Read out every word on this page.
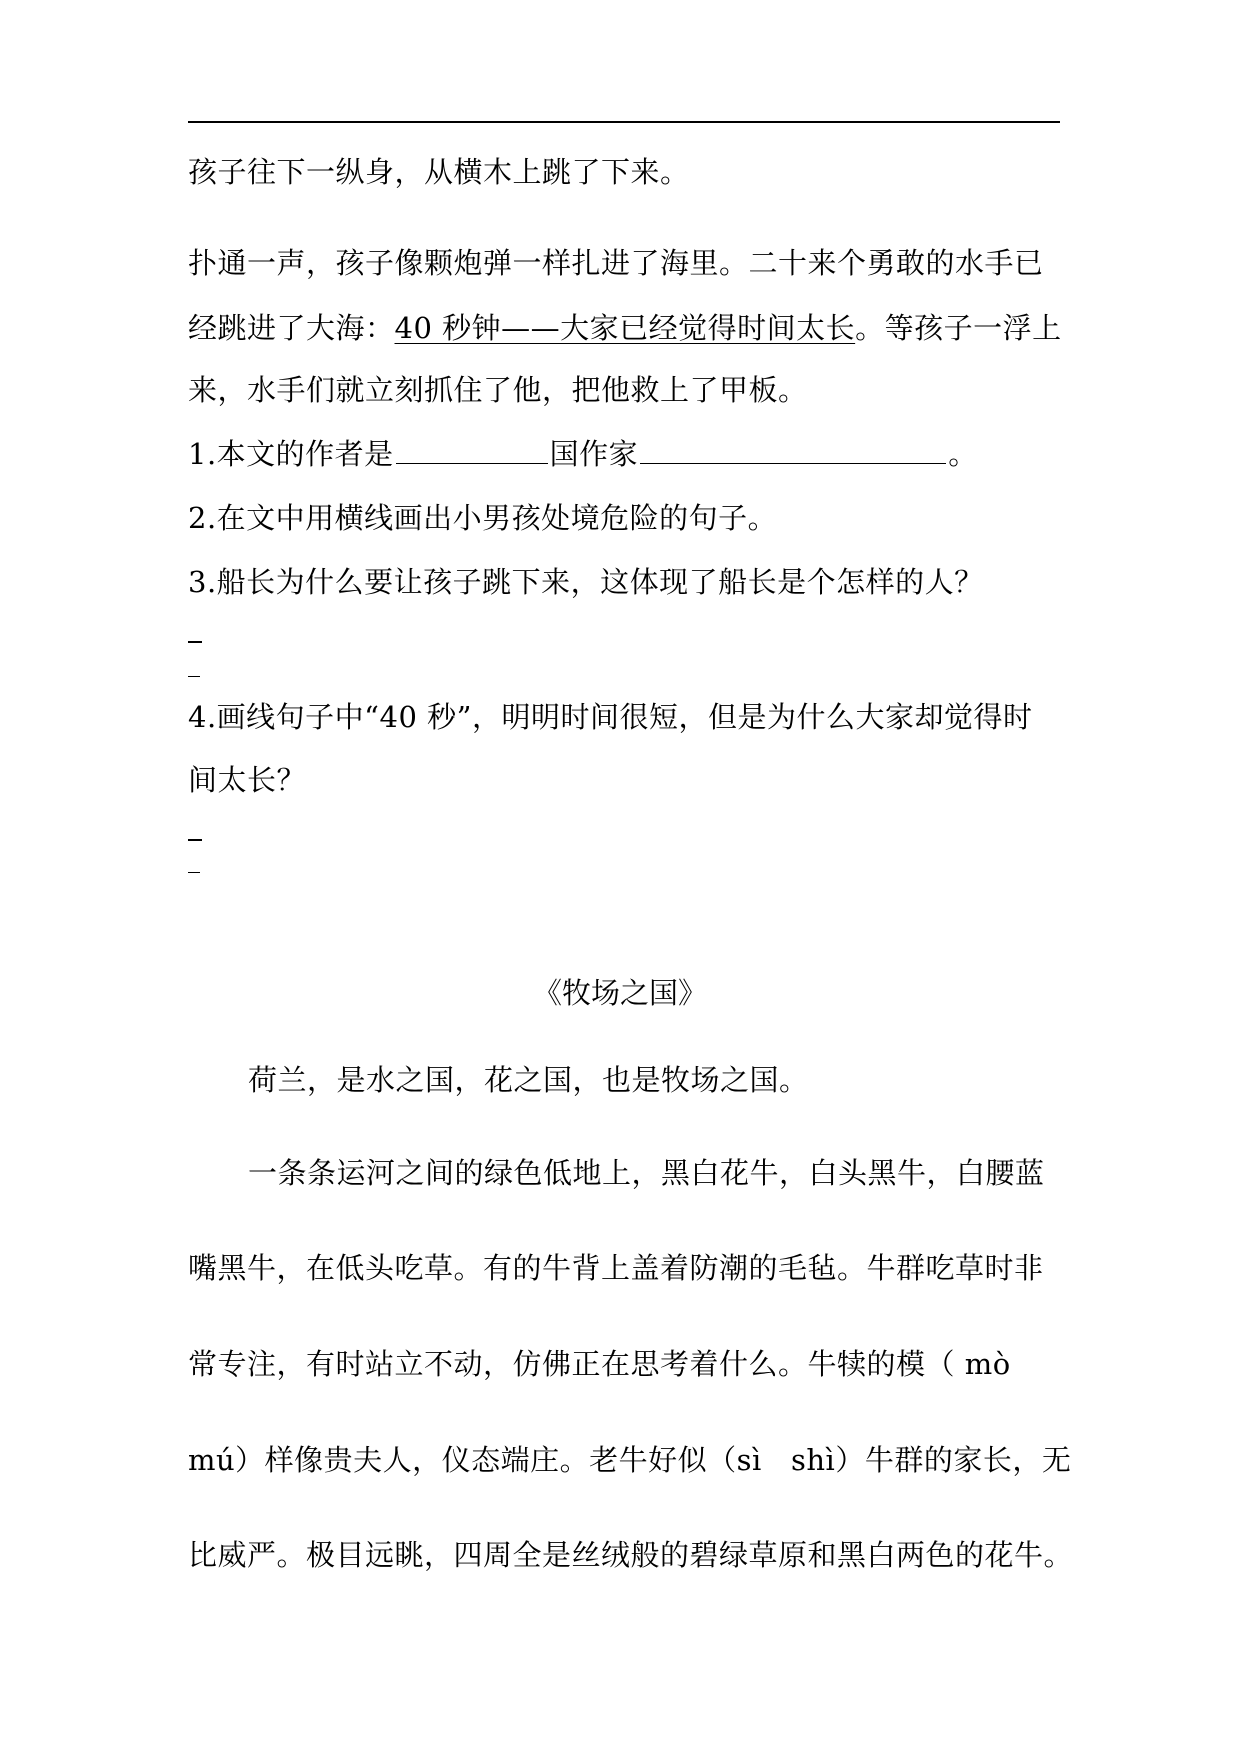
孩子往下一纵身，从横木上跳了下来。
扑通一声，孩子像颗炮弹一样扎进了海里。二十来个勇敢的水手已
经跳进了大海：40 秒钟——大家已经觉得时间太长。等孩子一浮上
来，水手们就立刻抓住了他，把他救上了甲板。
1.本文的作者是	国作家	。
2.在文中用横线画出小男孩处境危险的句子。
3.船长为什么要让孩子跳下来，这体现了船长是个怎样的人？
4.画线句子中“40 秒”，明明时间很短，但是为什么大家却觉得时
间太长？
《牧场之国》
荷兰，是水之国，花之国，也是牧场之国。
一条条运河之间的绿色低地上，黑白花牛，白头黑牛，白腰蓝
嘴黑牛，在低头吃草。有的牛背上盖着防潮的毛毡。牛群吃草时非
常专注，有时站立不动，仿佛正在思考着什么。牛犊的模（ mò
mú）样像贵夫人，仪态端庄。老牛好似（sì   shì）牛群的家长，无
比威严。极目远眺，四周全是丝绒般的碧绿草原和黑白两色的花牛。
